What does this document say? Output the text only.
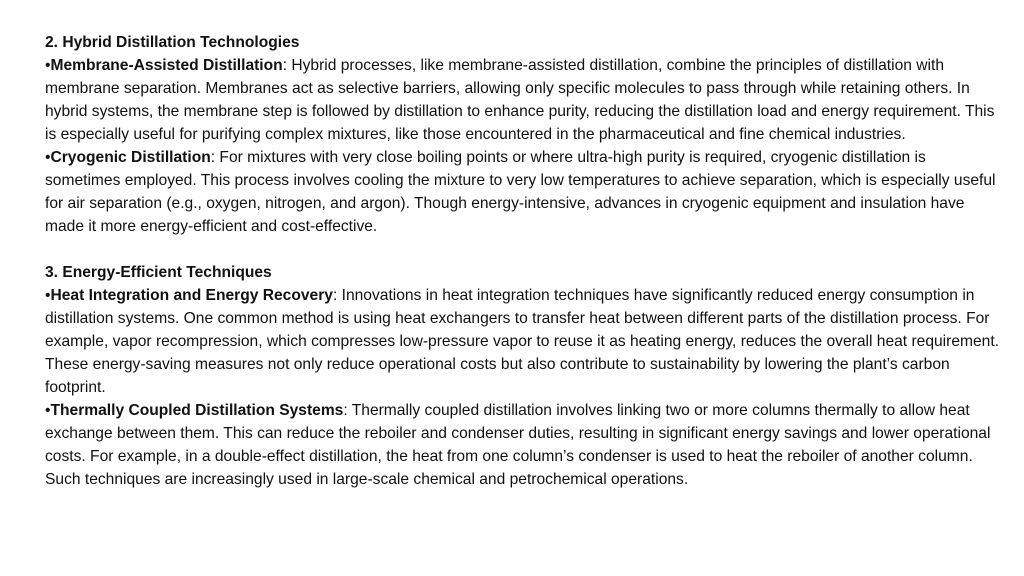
2. Hybrid Distillation Technologies

•Membrane-Assisted Distillation: Hybrid processes, like membrane-assisted distillation, combine the principles of distillation with membrane separation. Membranes act as selective barriers, allowing only specific molecules to pass through while retaining others. In hybrid systems, the membrane step is followed by distillation to enhance purity, reducing the distillation load and energy requirement. This is especially useful for purifying complex mixtures, like those encountered in the pharmaceutical and fine chemical industries.

•Cryogenic Distillation: For mixtures with very close boiling points or where ultra-high purity is required, cryogenic distillation is sometimes employed. This process involves cooling the mixture to very low temperatures to achieve separation, which is especially useful for air separation (e.g., oxygen, nitrogen, and argon). Though energy-intensive, advances in cryogenic equipment and insulation have made it more energy-efficient and cost-effective.

3. Energy-Efficient Techniques

•Heat Integration and Energy Recovery: Innovations in heat integration techniques have significantly reduced energy consumption in distillation systems. One common method is using heat exchangers to transfer heat between different parts of the distillation process. For example, vapor recompression, which compresses low-pressure vapor to reuse it as heating energy, reduces the overall heat requirement. These energy-saving measures not only reduce operational costs but also contribute to sustainability by lowering the plant’s carbon footprint.

•Thermally Coupled Distillation Systems: Thermally coupled distillation involves linking two or more columns thermally to allow heat exchange between them. This can reduce the reboiler and condenser duties, resulting in significant energy savings and lower operational costs. For example, in a double-effect distillation, the heat from one column’s condenser is used to heat the reboiler of another column. Such techniques are increasingly used in large-scale chemical and petrochemical operations.
